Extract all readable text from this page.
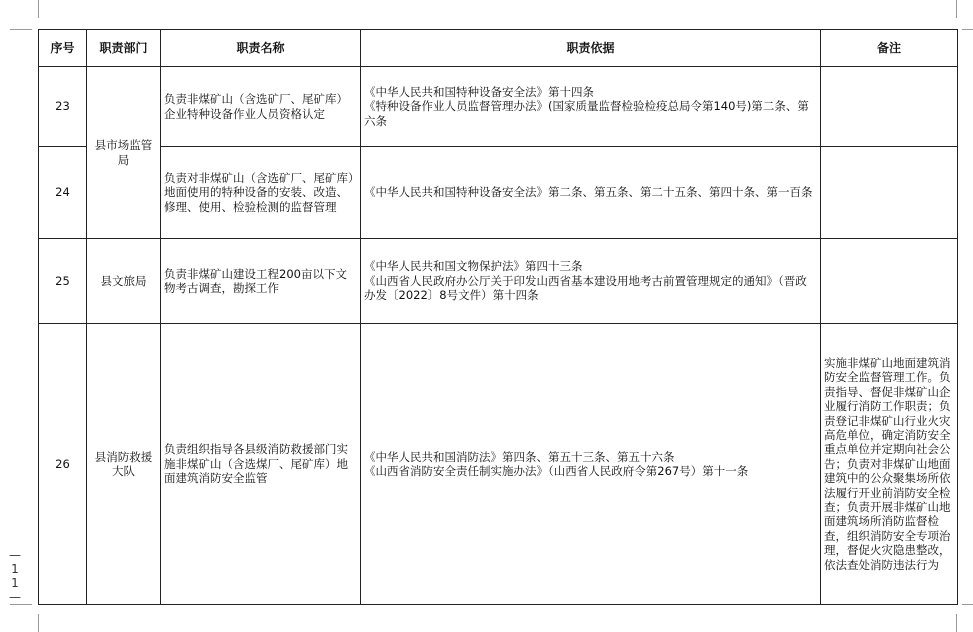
—
1
1
—
序号	职责部门	职责名称	职责依据	备注
23	县市场监管局	负责非煤矿山（含选矿厂、尾矿库）企业特种设备作业人员资格认定	《中华人民共和国特种设备安全法》第十四条
《特种设备作业人员监督管理办法》(国家质量监督检验检疫总局令第140号)第二条、第六条	
24		负责对非煤矿山（含选矿厂、尾矿库）地面使用的特种设备的安装、改造、修理、使用、检验检测的监督管理	《中华人民共和国特种设备安全法》第二条、第五条、第二十五条、第四十条、第一百条	
25	县文旅局	负责非煤矿山建设工程200亩以下文物考古调查，勘探工作	《中华人民共和国文物保护法》第四十三条
《山西省人民政府办公厅关于印发山西省基本建设用地考古前置管理规定的通知》（晋政办发〔2022〕8号文件）第十四条	
26	县消防救援大队	负责组织指导各县级消防救援部门实施非煤矿山（含选煤厂、尾矿库）地面建筑消防安全监管	《中华人民共和国消防法》第四条、第五十三条、第五十六条
《山西省消防安全责任制实施办法》（山西省人民政府令第267号）第十一条	实施非煤矿山地面建筑消防安全监督管理工作。负责指导、督促非煤矿山企业履行消防工作职责；负责登记非煤矿山行业火灾高危单位，确定消防安全重点单位并定期向社会公告；负责对非煤矿山地面建筑中的公众聚集场所依法履行开业前消防安全检查；负责开展非煤矿山地面建筑场所消防监督检查，组织消防安全专项治理，督促火灾隐患整改，依法查处消防违法行为
